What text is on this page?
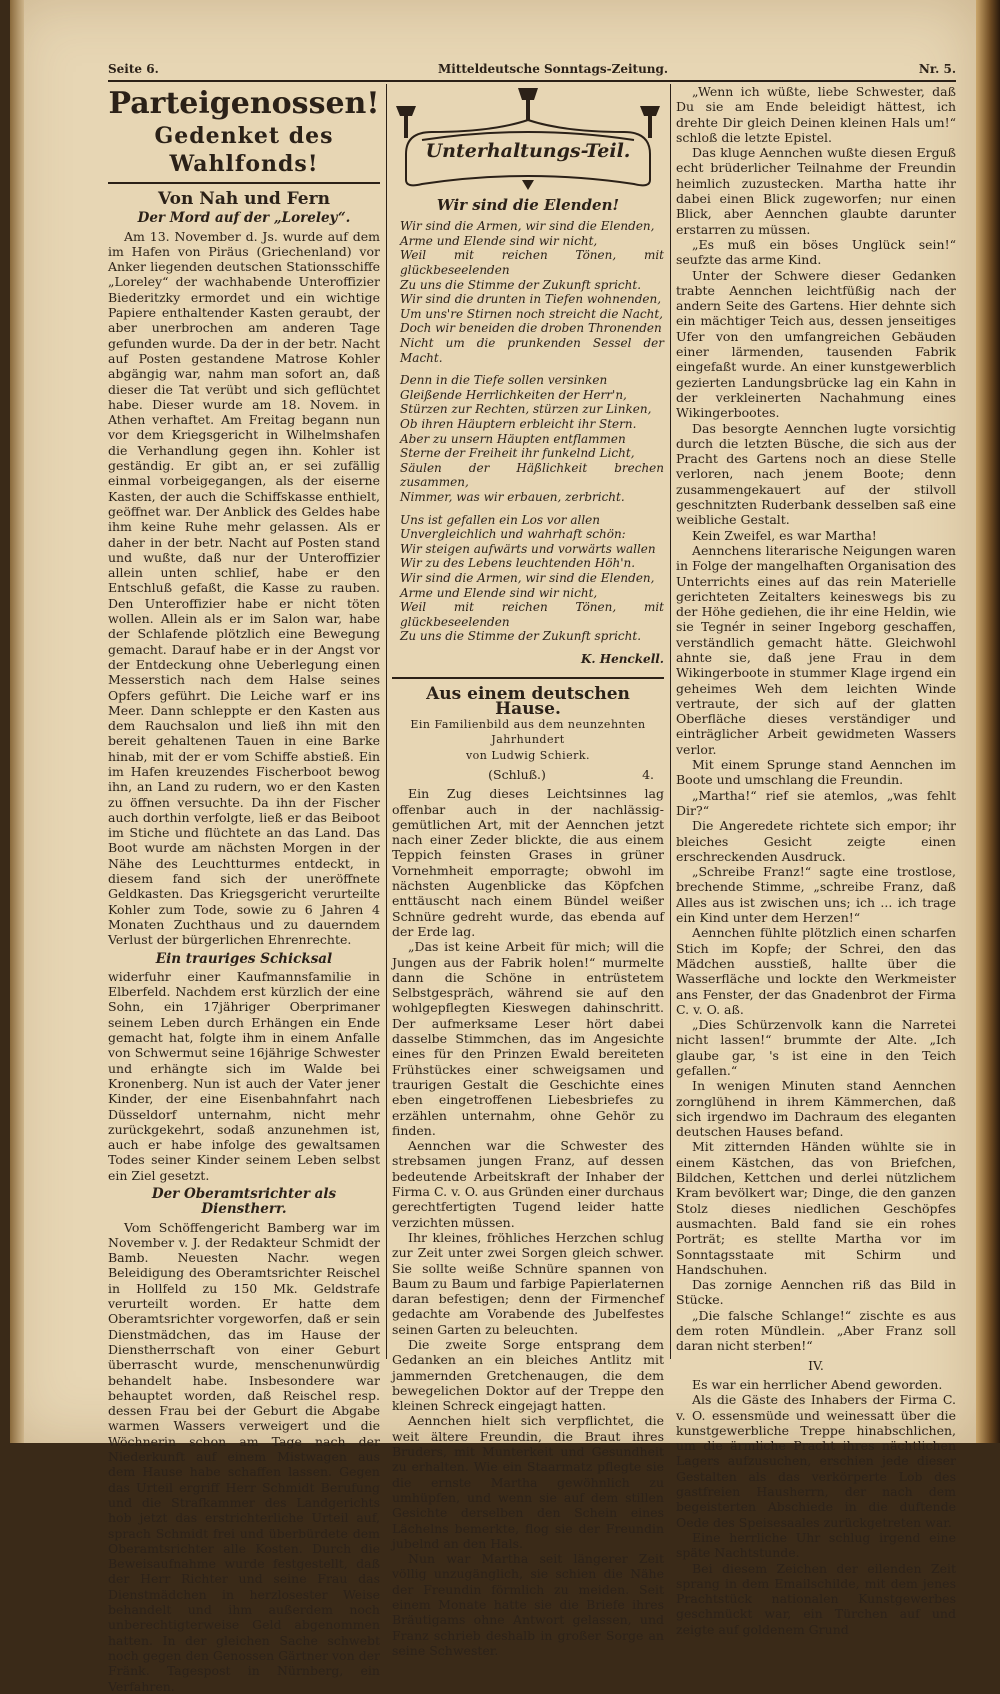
Seite 6.	Mitteldeutsche Sonntags-Zeitung.	Nr. 5.
Parteigenossen!
Gedenket des Wahlfonds!
Von Nah und Fern
Der Mord auf der „Loreley“.

Am 13. November d. Js. wurde auf dem im Hafen von Piräus (Griechenland) vor Anker liegenden deutschen Stationsschiffe „Loreley“ der wachhabende Unteroffizier Biederitzky ermordet und ein wichtige Papiere enthaltender Kasten geraubt, der aber unerbrochen am anderen Tage gefunden wurde. Da der in der betr. Nacht auf Posten gestandene Matrose Kohler abgängig war, nahm man sofort an, daß dieser die Tat verübt und sich geflüchtet habe. Dieser wurde am 18. Novem. in Athen verhaftet. Am Freitag begann nun vor dem Kriegsgericht in Wilhelmshafen die Verhandlung gegen ihn. Kohler ist geständig. Er gibt an, er sei zufällig einmal vorbeigegangen, als der eiserne Kasten, der auch die Schiffskasse enthielt, geöffnet war. Der Anblick des Geldes habe ihm keine Ruhe mehr gelassen. Als er daher in der betr. Nacht auf Posten stand und wußte, daß nur der Unteroffizier allein unten schlief, habe er den Entschluß gefaßt, die Kasse zu rauben. Den Unteroffizier habe er nicht töten wollen. Allein als er im Salon war, habe der Schlafende plötzlich eine Bewegung gemacht. Darauf habe er in der Angst vor der Entdeckung ohne Ueberlegung einen Messerstich nach dem Halse seines Opfers geführt. Die Leiche warf er ins Meer. Dann schleppte er den Kasten aus dem Rauchsalon und ließ ihn mit den bereit gehaltenen Tauen in eine Barke hinab, mit der er vom Schiffe abstieß. Ein im Hafen kreuzendes Fischerboot bewog ihn, an Land zu rudern, wo er den Kasten zu öffnen versuchte. Da ihn der Fischer auch dorthin verfolgte, ließ er das Beiboot im Stiche und flüchtete an das Land. Das Boot wurde am nächsten Morgen in der Nähe des Leuchtturmes entdeckt, in diesem fand sich der uneröffnete Geldkasten. Das Kriegsgericht verurteilte Kohler zum Tode, sowie zu 6 Jahren 4 Monaten Zuchthaus und zu dauerndem Verlust der bürgerlichen Ehrenrechte.

Ein trauriges Schicksal

widerfuhr einer Kaufmannsfamilie in Elberfeld. Nachdem erst kürzlich der eine Sohn, ein 17jähriger Oberprimaner seinem Leben durch Erhängen ein Ende gemacht hat, folgte ihm in einem Anfalle von Schwermut seine 16jährige Schwester und erhängte sich im Walde bei Kronenberg. Nun ist auch der Vater jener Kinder, der eine Eisenbahnfahrt nach Düsseldorf unternahm, nicht mehr zurückgekehrt, sodaß anzunehmen ist, auch er habe infolge des gewaltsamen Todes seiner Kinder seinem Leben selbst ein Ziel gesetzt.

Der Oberamtsrichter als Dienstherr.

Vom Schöffengericht Bamberg war im November v. J. der Redakteur Schmidt der Bamb. Neuesten Nachr. wegen Beleidigung des Oberamtsrichter Reischel in Hollfeld zu 150 Mk. Geldstrafe verurteilt worden. Er hatte dem Oberamtsrichter vorgeworfen, daß er sein Dienstmädchen, das im Hause der Dienstherrschaft von einer Geburt überrascht wurde, menschenunwürdig behandelt habe. Insbesondere war behauptet worden, daß Reischel resp. dessen Frau bei der Geburt die Abgabe warmen Wassers verweigert und die Wöchnerin schon am Tage nach der Niederkunft auf einem Mistwagen aus dem Hause habe schaffen lassen. Gegen das Urteil ergriff Herr Schmidt Berufung und die Strafkammer des Landgerichts hob jetzt das erstrichterliche Urteil auf, sprach Schmidt frei und überbürdete dem Oberamtsrichter alle Kosten. Durch die Beweisaufnahme wurde festgestellt, daß der Herr Richter und seine Frau das Dienstmädchen in herzlosester Weise behandelt und ihm außerdem noch unberechtigterweise Geld abgenommen hatten. In der gleichen Sache schwebt noch gegen den Genossen Gärtner von der Fränk. Tagespost in Nürnberg, ein Verfahren.

Unterhaltungs-Teil.
Wir sind die Elenden!
Wir sind die Armen, wir sind die Elenden,
Arme und Elende sind wir nicht,
Weil mit reichen Tönen, mit glückbeseelenden
Zu uns die Stimme der Zukunft spricht.
Wir sind die drunten in Tiefen wohnenden,
Um uns're Stirnen noch streicht die Nacht,
Doch wir beneiden die droben Thronenden
Nicht um die prunkenden Sessel der Macht.
Denn in die Tiefe sollen versinken
Gleißende Herrlichkeiten der Herr'n,
Stürzen zur Rechten, stürzen zur Linken,
Ob ihren Häuptern erbleicht ihr Stern.
Aber zu unsern Häupten entflammen
Sterne der Freiheit ihr funkelnd Licht,
Säulen der Häßlichkeit brechen zusammen,
Nimmer, was wir erbauen, zerbricht.
Uns ist gefallen ein Los vor allen
Unvergleichlich und wahrhaft schön:
Wir steigen aufwärts und vorwärts wallen
Wir zu des Lebens leuchtenden Höh'n.
Wir sind die Armen, wir sind die Elenden,
Arme und Elende sind wir nicht,
Weil mit reichen Tönen, mit glückbeseelenden
Zu uns die Stimme der Zukunft spricht.
K. Henckell.
Aus einem deutschen Hause.
Ein Familienbild aus dem neunzehnten Jahrhundert
von Ludwig Schierk.
(Schluß.)	4.

Ein Zug dieses Leichtsinnes lag offenbar auch in der nachlässig-gemütlichen Art, mit der Aennchen jetzt nach einer Zeder blickte, die aus einem Teppich feinsten Grases in grüner Vornehmheit emporragte; obwohl im nächsten Augenblicke das Köpfchen enttäuscht nach einem Bündel weißer Schnüre gedreht wurde, das ebenda auf der Erde lag.

„Das ist keine Arbeit für mich; will die Jungen aus der Fabrik holen!“ murmelte dann die Schöne in entrüstetem Selbstgespräch, während sie auf den wohlgepflegten Kieswegen dahinschritt. Der aufmerksame Leser hört dabei dasselbe Stimmchen, das im Angesichte eines für den Prinzen Ewald bereiteten Frühstückes einer schweigsamen und traurigen Gestalt die Geschichte eines eben eingetroffenen Liebesbriefes zu erzählen unternahm, ohne Gehör zu finden.

Aennchen war die Schwester des strebsamen jungen Franz, auf dessen bedeutende Arbeitskraft der Inhaber der Firma C. v. O. aus Gründen einer durchaus gerechtfertigten Tugend leider hatte verzichten müssen.

Ihr kleines, fröhliches Herzchen schlug zur Zeit unter zwei Sorgen gleich schwer. Sie sollte weiße Schnüre spannen von Baum zu Baum und farbige Papierlaternen daran befestigen; denn der Firmenchef gedachte am Vorabende des Jubelfestes seinen Garten zu beleuchten.

Die zweite Sorge entsprang dem Gedanken an ein bleiches Antlitz mit jammernden Gretchenaugen, die dem bewegelichen Doktor auf der Treppe den kleinen Schreck eingejagt hatten.

Aennchen hielt sich verpflichtet, die weit ältere Freundin, die Braut ihres Bruders, mit Munterkeit und Gesundheit zu erhalten. Wie ein Staarmatz pflegte sie die ernste Martha gewöhnlich zu umhüpfen, und wenn sie auf dem stillen Gesichte derselben den Schein eines Lächelns bemerkte, flog sie der Freundin jubelnd an den Hals.

Nun war Martha seit längerer Zeit völlig unzugänglich, sie schien die Nähe der Freundin förmlich zu meiden. Seit einem Monate hatte sie die Briefe ihres Bräutigams ohne Antwort gelassen, und Franz schrieb deshalb in großer Sorge an seine Schwester.

„Wenn ich wüßte, liebe Schwester, daß Du sie am Ende beleidigt hättest, ich drehte Dir gleich Deinen kleinen Hals um!“ schloß die letzte Epistel.

Das kluge Aennchen wußte diesen Erguß echt brüderlicher Teilnahme der Freundin heimlich zuzustecken. Martha hatte ihr dabei einen Blick zugeworfen; nur einen Blick, aber Aennchen glaubte darunter erstarren zu müssen.

„Es muß ein böses Unglück sein!“ seufzte das arme Kind.

Unter der Schwere dieser Gedanken trabte Aennchen leichtfüßig nach der andern Seite des Gartens. Hier dehnte sich ein mächtiger Teich aus, dessen jenseitiges Ufer von den umfangreichen Gebäuden einer lärmenden, tausenden Fabrik eingefaßt wurde. An einer kunstgewerblich gezierten Landungsbrücke lag ein Kahn in der verkleinerten Nachahmung eines Wikingerbootes.

Das besorgte Aennchen lugte vorsichtig durch die letzten Büsche, die sich aus der Pracht des Gartens noch an diese Stelle verloren, nach jenem Boote; denn zusammengekauert auf der stilvoll geschnitzten Ruderbank desselben saß eine weibliche Gestalt.

Kein Zweifel, es war Martha!

Aennchens literarische Neigungen waren in Folge der mangelhaften Organisation des Unterrichts eines auf das rein Materielle gerichteten Zeitalters keineswegs bis zu der Höhe gediehen, die ihr eine Heldin, wie sie Tegnér in seiner Ingeborg geschaffen, verständlich gemacht hätte. Gleichwohl ahnte sie, daß jene Frau in dem Wikingerboote in stummer Klage irgend ein geheimes Weh dem leichten Winde vertraute, der sich auf der glatten Oberfläche dieses verständiger und einträglicher Arbeit gewidmeten Wassers verlor.

Mit einem Sprunge stand Aennchen im Boote und umschlang die Freundin.

„Martha!“ rief sie atemlos, „was fehlt Dir?“

Die Angeredete richtete sich empor; ihr bleiches Gesicht zeigte einen erschreckenden Ausdruck.

„Schreibe Franz!“ sagte eine trostlose, brechende Stimme, „schreibe Franz, daß Alles aus ist zwischen uns; ich ... ich trage ein Kind unter dem Herzen!“

Aennchen fühlte plötzlich einen scharfen Stich im Kopfe; der Schrei, den das Mädchen ausstieß, hallte über die Wasserfläche und lockte den Werkmeister ans Fenster, der das Gnadenbrot der Firma C. v. O. aß.

„Dies Schürzenvolk kann die Narretei nicht lassen!“ brummte der Alte. „Ich glaube gar, 's ist eine in den Teich gefallen.“

In wenigen Minuten stand Aennchen zornglühend in ihrem Kämmerchen, daß sich irgendwo im Dachraum des eleganten deutschen Hauses befand.

Mit zitternden Händen wühlte sie in einem Kästchen, das von Briefchen, Bildchen, Kettchen und derlei nützlichem Kram bevölkert war; Dinge, die den ganzen Stolz dieses niedlichen Geschöpfes ausmachten. Bald fand sie ein rohes Porträt; es stellte Martha vor im Sonntagsstaate mit Schirm und Handschuhen.

Das zornige Aennchen riß das Bild in Stücke.

„Die falsche Schlange!“ zischte es aus dem roten Mündlein. „Aber Franz soll daran nicht sterben!“

IV.

Es war ein herrlicher Abend geworden.

Als die Gäste des Inhabers der Firma C. v. O. essensmüde und weinessatt über die kunstgewerbliche Treppe hinabschlichen, um die ärmliche Pracht ihres nächtlichen Lagers aufzusuchen, erschien jede dieser Gestalten als das verkörperte Lob des gastfreien Hausherrn, der nach dem begeisterten Abschiede in die duftende Oede des Speisesaales zurückgetreten war.

Eine herrliche Uhr schlug irgend eine späte Nachtstunde.

Bei diesem Zeichen der eilenden Zeit sprang in dem Emailschilde, mit dem jenes Prachtstück nationalen Kunstgewerbes geschmückt war, ein Türchen auf und zeigte auf goldenem Grund
